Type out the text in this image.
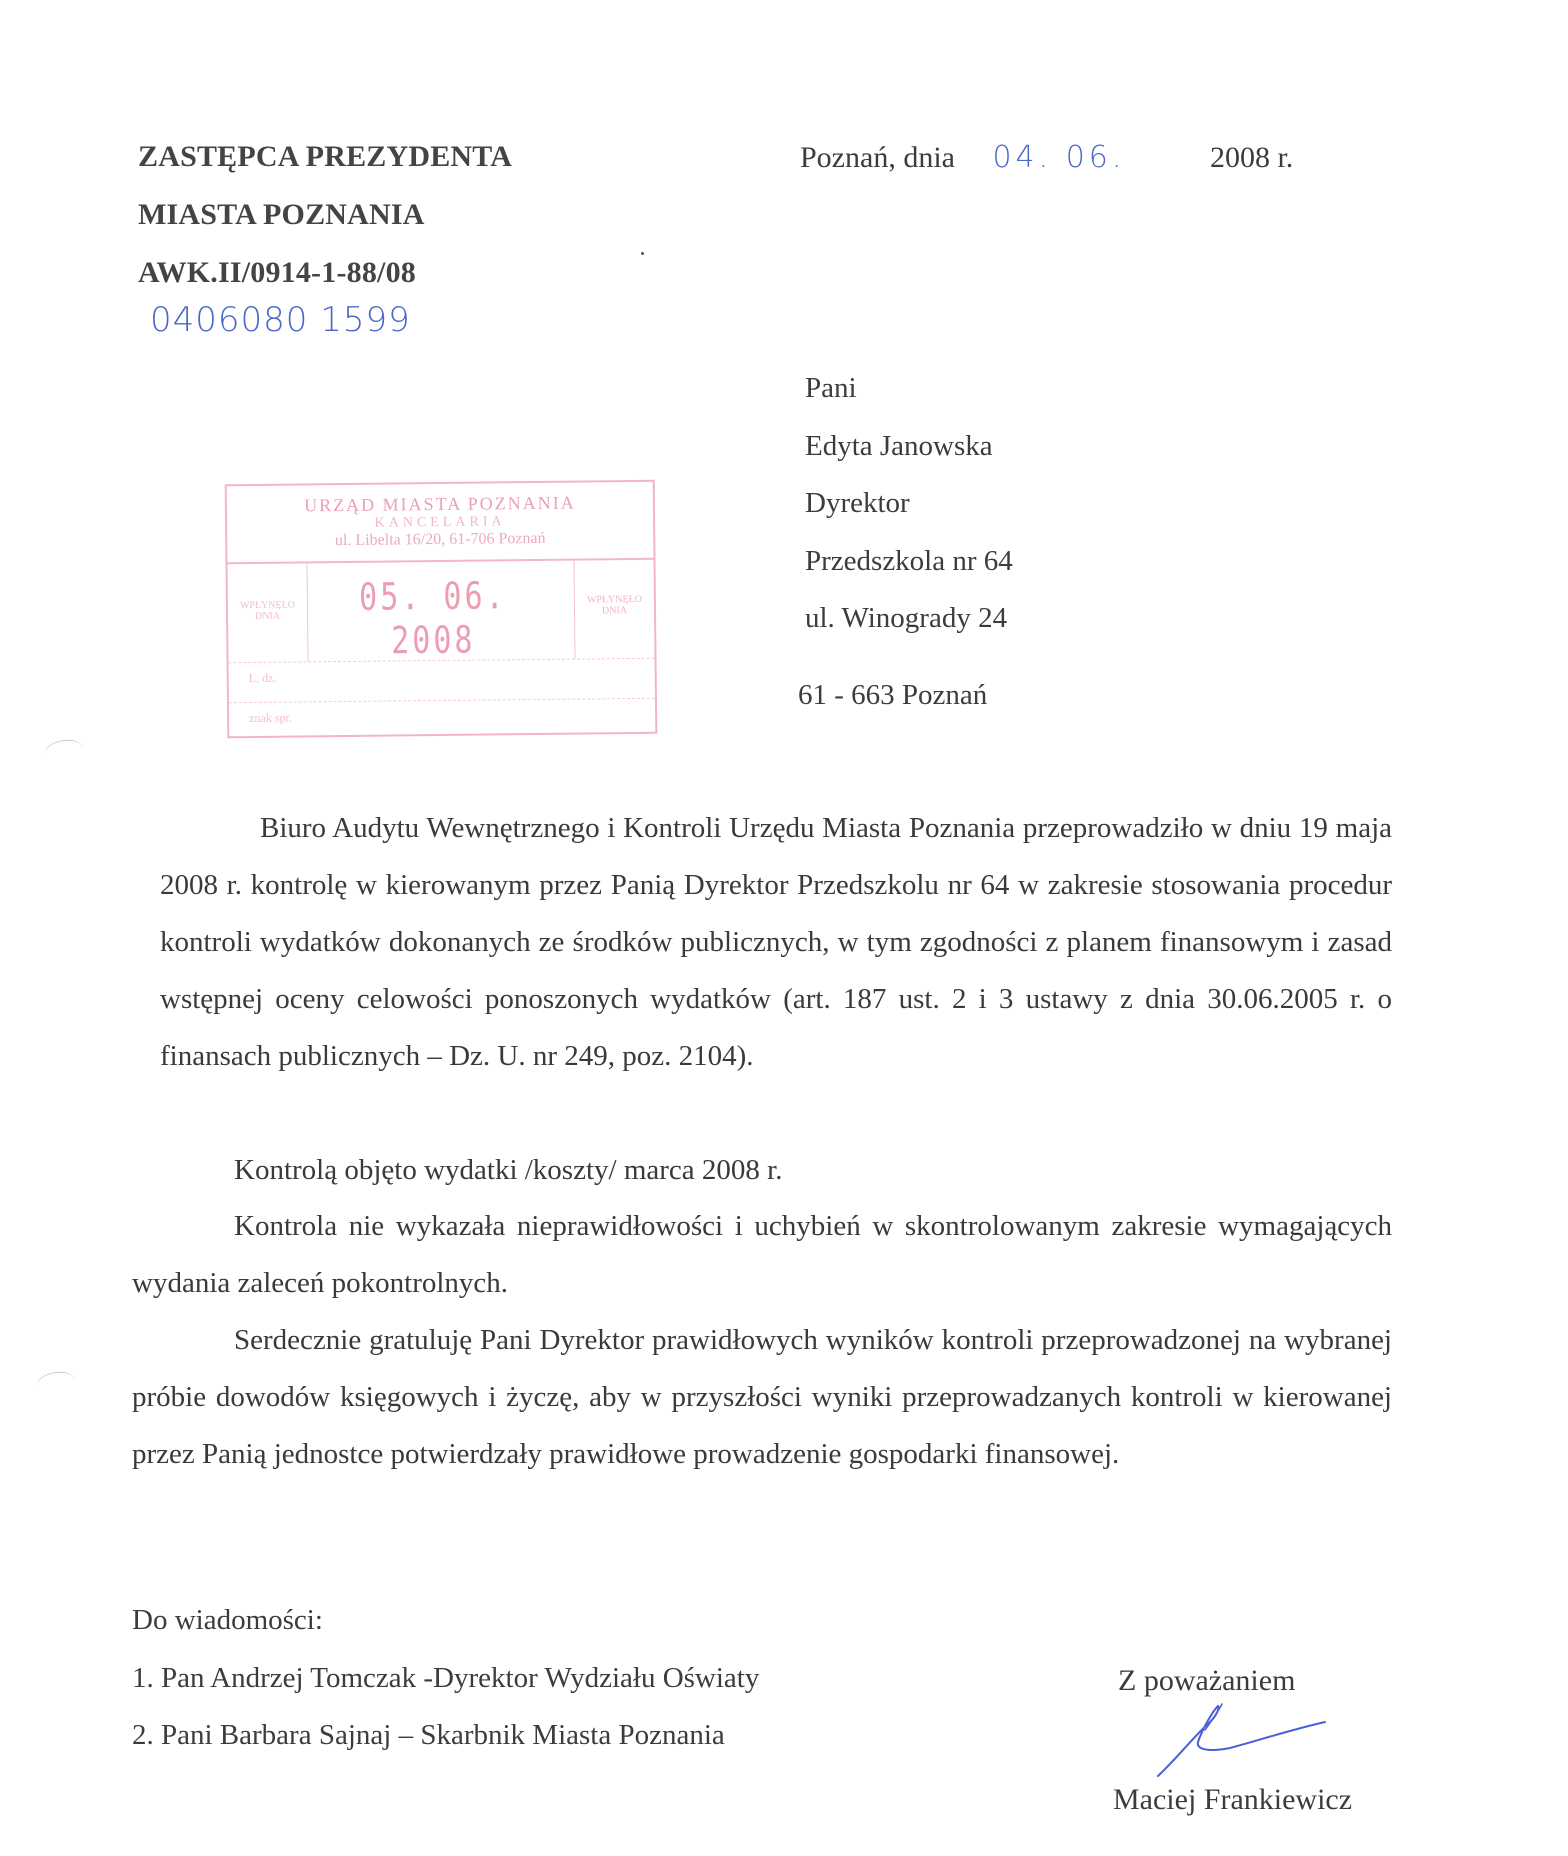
ZASTĘPCA PREZYDENTA
MIASTA POZNANIA
AWK.II/0914-1-88/08
0406080 1599
Poznań, dnia 04. 06.	2008 r.
Pani
Edyta Janowska
Dyrektor
Przedszkola nr 64
ul. Winogrady 24
61 - 663 Poznań
URZĄD MIASTA POZNANIA
KANCELARIA
ul. Libelta 16/20, 61-706 Poznań
WPŁYNĘŁO DNIA	05. 06. 2008
WPŁYNĘŁO DNIA
L. dz.
znak spr.

Biuro Audytu Wewnętrznego i Kontroli Urzędu Miasta Poznania przeprowadziło w dniu 19 maja 2008 r. kontrolę w kierowanym przez Panią Dyrektor Przedszkolu nr 64 w zakresie stosowania procedur kontroli wydatków dokonanych ze środków publicznych, w tym zgodności z planem finansowym i zasad wstępnej oceny celowości ponoszonych wydatków (art. 187 ust. 2 i 3 ustawy z dnia 30.06.2005 r. o finansach publicznych – Dz. U. nr 249, poz. 2104).

Kontrolą objęto wydatki /koszty/ marca 2008 r.

Kontrola nie wykazała nieprawidłowości i uchybień w skontrolowanym zakresie wymagających wydania zaleceń pokontrolnych.

Serdecznie gratuluję Pani Dyrektor prawidłowych wyników kontroli przeprowadzonej na wybranej próbie dowodów księgowych i życzę, aby w przyszłości wyniki przeprowadzanych kontroli w kierowanej przez Panią jednostce potwierdzały prawidłowe prowadzenie gospodarki finansowej.

Do wiadomości:
1. Pan Andrzej Tomczak -Dyrektor Wydziału Oświaty
2. Pani Barbara Sajnaj – Skarbnik Miasta Poznania
Z poważaniem
Maciej Frankiewicz
